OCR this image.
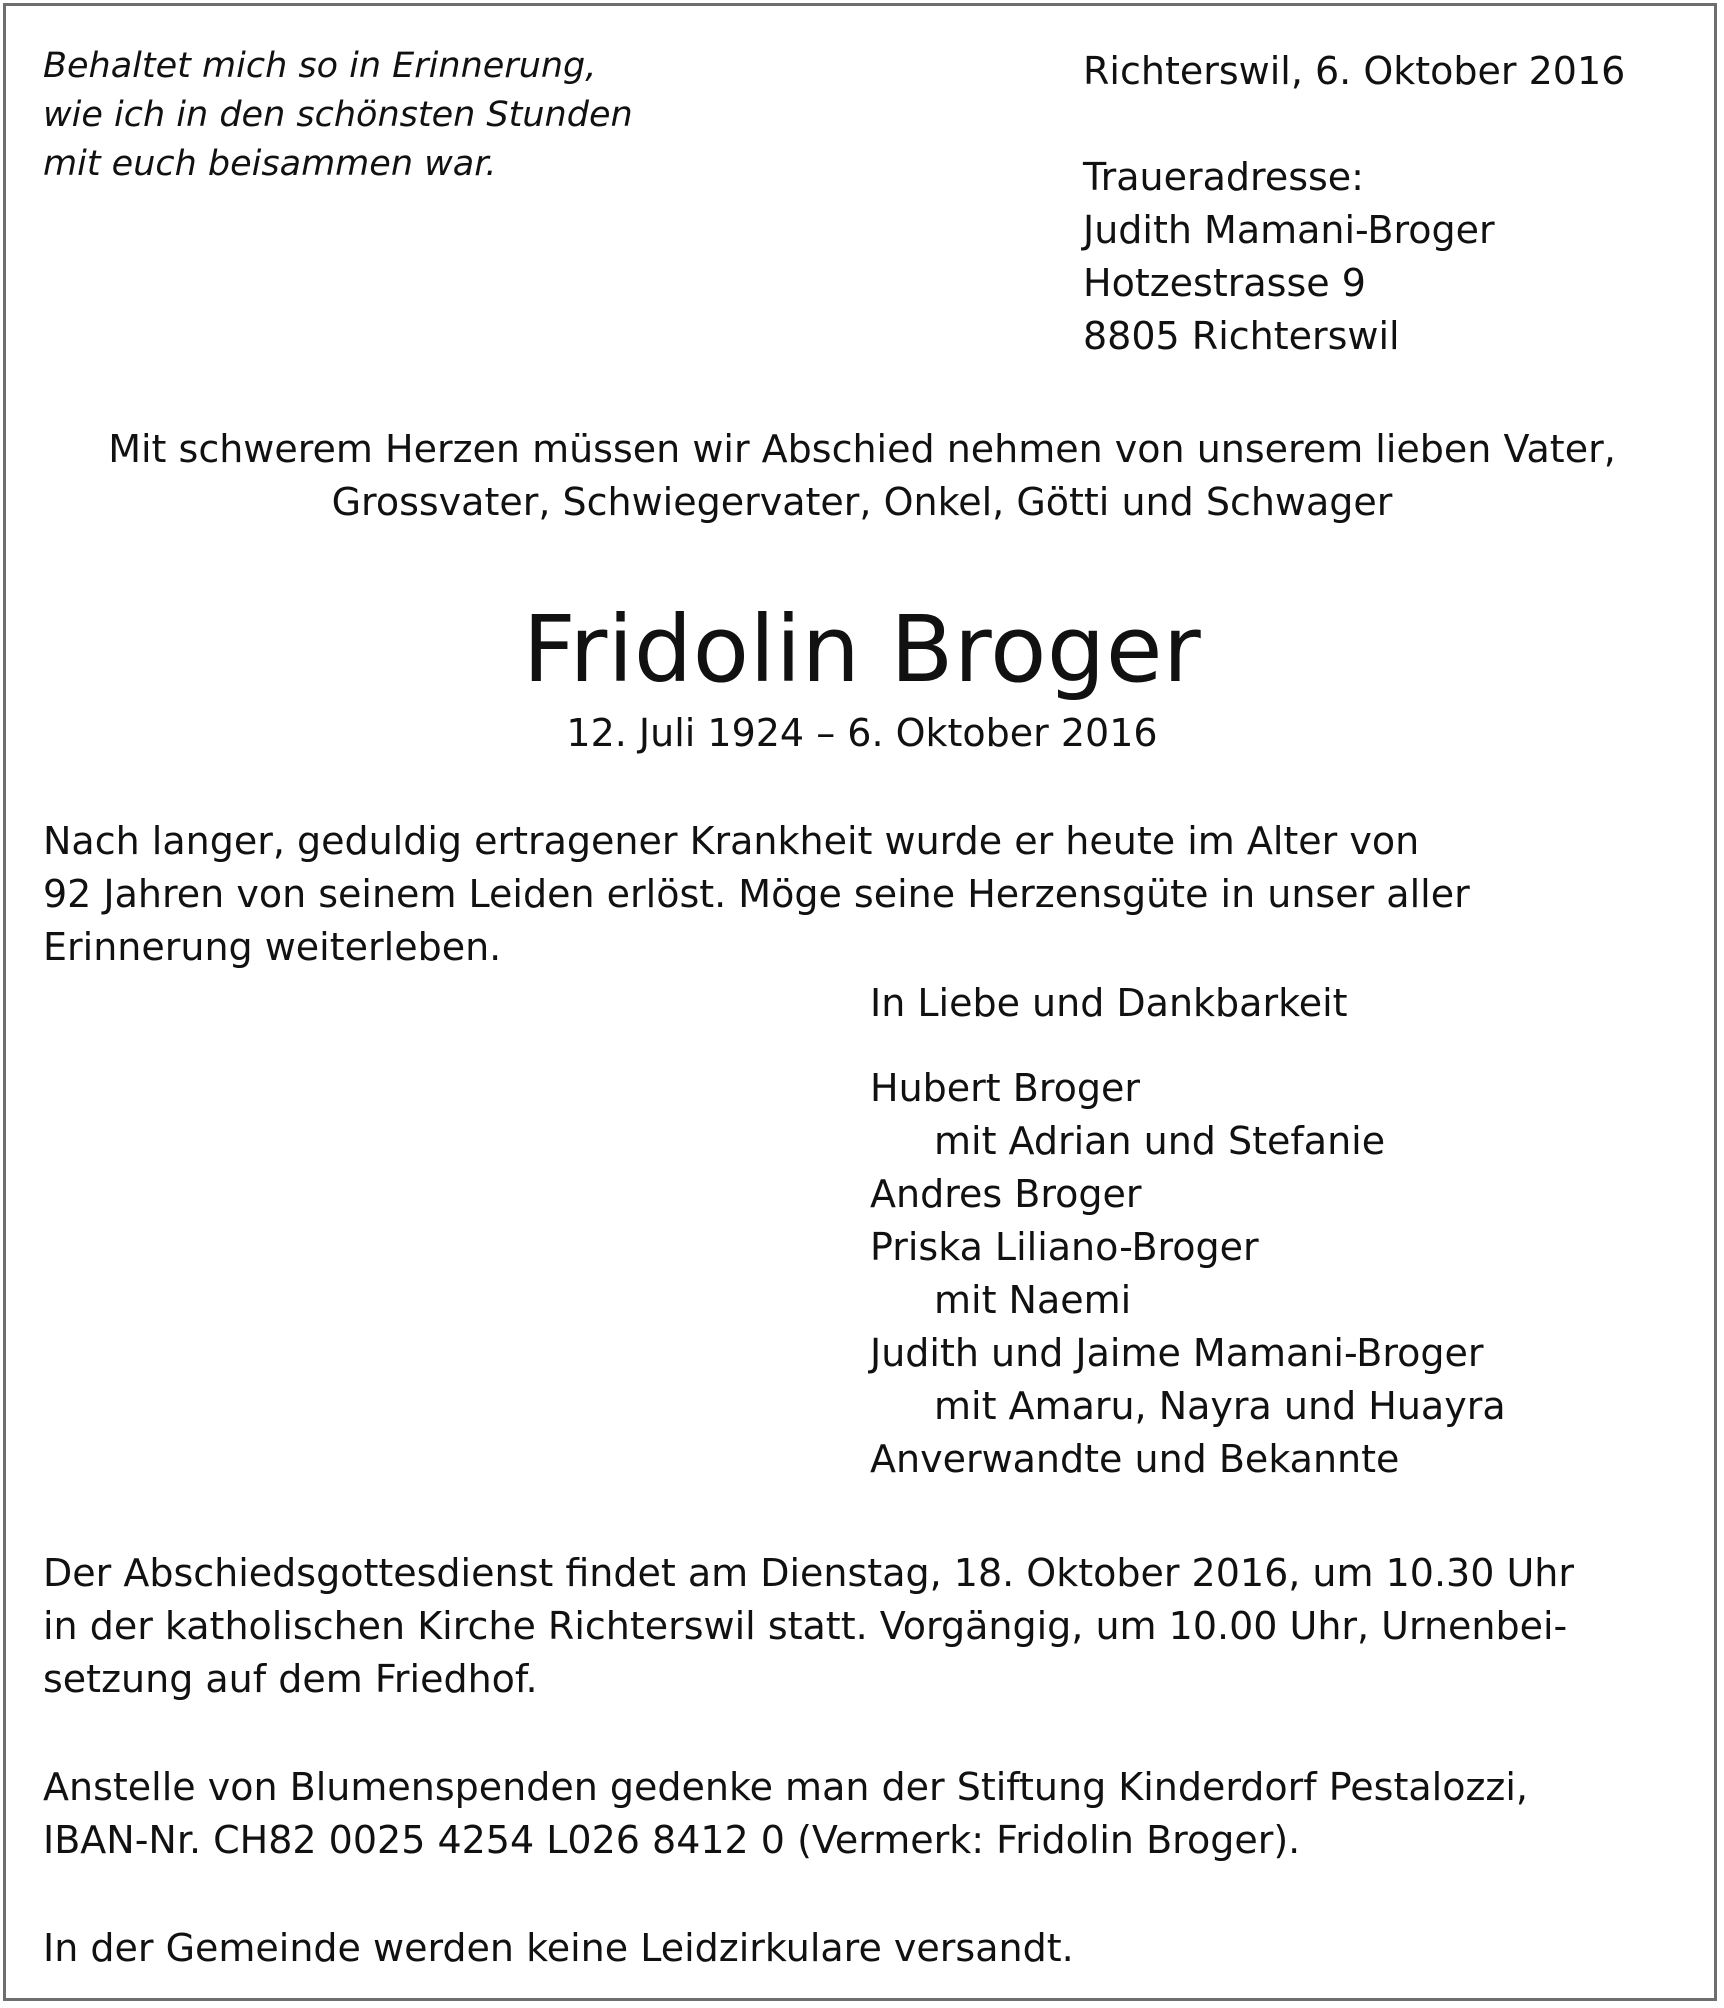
Behaltet mich so in Erinnerung,
wie ich in den schönsten Stunden
mit euch beisammen war.
Richterswil, 6. Oktober 2016
Traueradresse:
Judith Mamani-Broger
Hotzestrasse 9
8805 Richterswil
Mit schwerem Herzen müssen wir Abschied nehmen von unserem lieben Vater,
Grossvater, Schwiegervater, Onkel, Götti und Schwager
Fridolin Broger
12. Juli 1924 – 6. Oktober 2016
Nach langer, geduldig ertragener Krankheit wurde er heute im Alter von
92 Jahren von seinem Leiden erlöst. Möge seine Herzensgüte in unser aller
Erinnerung weiterleben.
In Liebe und Dankbarkeit
Hubert Broger
mit Adrian und Stefanie
Andres Broger
Priska Liliano-Broger
mit Naemi
Judith und Jaime Mamani-Broger
mit Amaru, Nayra und Huayra
Anverwandte und Bekannte
Der Abschiedsgottesdienst findet am Dienstag, 18. Oktober 2016, um 10.30 Uhr
in der katholischen Kirche Richterswil statt. Vorgängig, um 10.00 Uhr, Urnenbei-
setzung auf dem Friedhof.
Anstelle von Blumenspenden gedenke man der Stiftung Kinderdorf Pestalozzi,
IBAN-Nr. CH82 0025 4254 L026 8412 0 (Vermerk: Fridolin Broger).
In der Gemeinde werden keine Leidzirkulare versandt.
